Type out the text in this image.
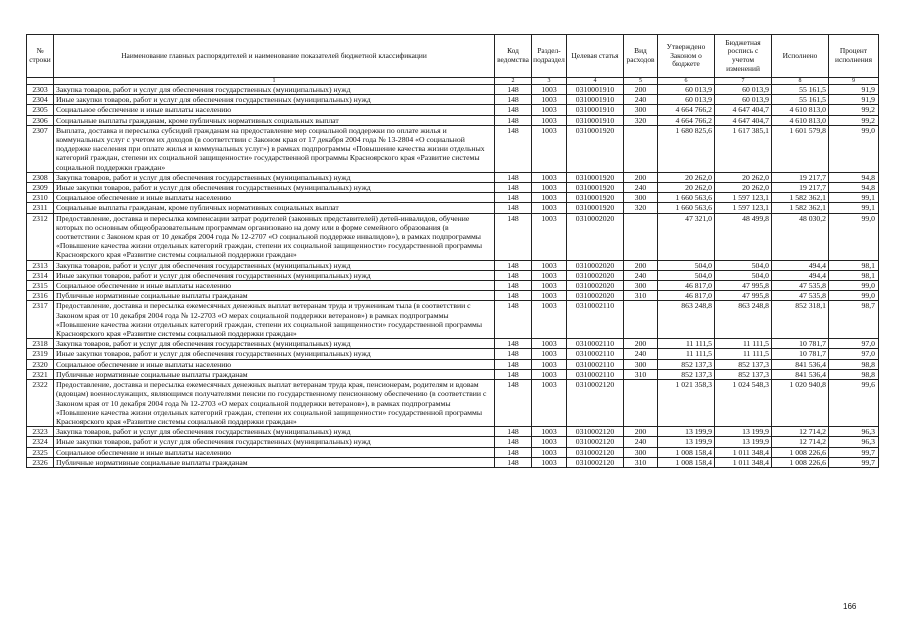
№ строки	Наименование главных распорядителей и наименование показателей бюджетной классификации	Код ведомства	Раздел-подраздел	Целевая статья	Вид расходов	Утверждено Законом о бюджете	Бюджетная роспись с учетом изменений	Исполнено	Процент исполнения
	1	2	3	4	5	6	7	8	9
2303	Закупка товаров, работ и услуг для обеспечения государственных (муниципальных) нужд	148	1003	0310001910	200	60 013,9	60 013,9	55 161,5	91,9
2304	Иные закупки товаров, работ и услуг для обеспечения государственных (муниципальных) нужд	148	1003	0310001910	240	60 013,9	60 013,9	55 161,5	91,9
2305	Социальное обеспечение и иные выплаты населению	148	1003	0310001910	300	4 664 766,2	4 647 404,7	4 610 813,0	99,2
2306	Социальные выплаты гражданам, кроме публичных нормативных социальных выплат	148	1003	0310001910	320	4 664 766,2	4 647 404,7	4 610 813,0	99,2
2307	Выплата, доставка и пересылка субсидий гражданам на предоставление мер социальной поддержки по оплате жилья и коммунальных услуг с учетом их доходов (в соответствии с Законом края от 17 декабря 2004 года № 13-2804 «О социальной поддержке населения при оплате жилья и коммунальных услуг») в рамках подпрограммы «Повышение качества жизни отдельных категорий граждан, степени их социальной защищенности» государственной программы Красноярского края «Развитие системы социальной поддержки граждан»	148	1003	0310001920		1 680 825,6	1 617 385,1	1 601 579,8	99,0
2308	Закупка товаров, работ и услуг для обеспечения государственных (муниципальных) нужд	148	1003	0310001920	200	20 262,0	20 262,0	19 217,7	94,8
2309	Иные закупки товаров, работ и услуг для обеспечения государственных (муниципальных) нужд	148	1003	0310001920	240	20 262,0	20 262,0	19 217,7	94,8
2310	Социальное обеспечение и иные выплаты населению	148	1003	0310001920	300	1 660 563,6	1 597 123,1	1 582 362,1	99,1
2311	Социальные выплаты гражданам, кроме публичных нормативных социальных выплат	148	1003	0310001920	320	1 660 563,6	1 597 123,1	1 582 362,1	99,1
2312	Предоставление, доставка и пересылка компенсации затрат родителей (законных представителей) детей-инвалидов, обучение которых по основным общеобразовательным программам организовано на дому или в форме семейного образования (в соответствии с Законом края от 10 декабря 2004 года № 12-2707 «О социальной поддержке инвалидов»), в рамках подпрограммы «Повышение качества жизни отдельных категорий граждан, степени их социальной защищенности» государственной программы Красноярского края «Развитие системы социальной поддержки граждан»	148	1003	0310002020		47 321,0	48 499,8	48 030,2	99,0
2313	Закупка товаров, работ и услуг для обеспечения государственных (муниципальных) нужд	148	1003	0310002020	200	504,0	504,0	494,4	98,1
2314	Иные закупки товаров, работ и услуг для обеспечения государственных (муниципальных) нужд	148	1003	0310002020	240	504,0	504,0	494,4	98,1
2315	Социальное обеспечение и иные выплаты населению	148	1003	0310002020	300	46 817,0	47 995,8	47 535,8	99,0
2316	Публичные нормативные социальные выплаты гражданам	148	1003	0310002020	310	46 817,0	47 995,8	47 535,8	99,0
2317	Предоставление, доставка и пересылка ежемесячных денежных выплат ветеранам труда и труженикам тыла (в соответствии с Законом края от 10 декабря 2004 года № 12-2703 «О мерах социальной поддержки ветеранов») в рамках подпрограммы «Повышение качества жизни отдельных категорий граждан, степени их социальной защищенности» государственной программы Красноярского края «Развитие системы социальной поддержки граждан»	148	1003	0310002110		863 248,8	863 248,8	852 318,1	98,7
2318	Закупка товаров, работ и услуг для обеспечения государственных (муниципальных) нужд	148	1003	0310002110	200	11 111,5	11 111,5	10 781,7	97,0
2319	Иные закупки товаров, работ и услуг для обеспечения государственных (муниципальных) нужд	148	1003	0310002110	240	11 111,5	11 111,5	10 781,7	97,0
2320	Социальное обеспечение и иные выплаты населению	148	1003	0310002110	300	852 137,3	852 137,3	841 536,4	98,8
2321	Публичные нормативные социальные выплаты гражданам	148	1003	0310002110	310	852 137,3	852 137,3	841 536,4	98,8
2322	Предоставление, доставка и пересылка ежемесячных денежных выплат ветеранам труда края, пенсионерам, родителям и вдовам (вдовцам) военнослужащих, являющимся получателями пенсии по государственному пенсионному обеспечению (в соответствии с Законом края от 10 декабря 2004 года № 12-2703 «О мерах социальной поддержки ветеранов»), в рамках подпрограммы «Повышение качества жизни отдельных категорий граждан, степени их социальной защищенности» государственной программы Красноярского края «Развитие системы социальной поддержки граждан»	148	1003	0310002120		1 021 358,3	1 024 548,3	1 020 940,8	99,6
2323	Закупка товаров, работ и услуг для обеспечения государственных (муниципальных) нужд	148	1003	0310002120	200	13 199,9	13 199,9	12 714,2	96,3
2324	Иные закупки товаров, работ и услуг для обеспечения государственных (муниципальных) нужд	148	1003	0310002120	240	13 199,9	13 199,9	12 714,2	96,3
2325	Социальное обеспечение и иные выплаты населению	148	1003	0310002120	300	1 008 158,4	1 011 348,4	1 008 226,6	99,7
2326	Публичные нормативные социальные выплаты гражданам	148	1003	0310002120	310	1 008 158,4	1 011 348,4	1 008 226,6	99,7
166
